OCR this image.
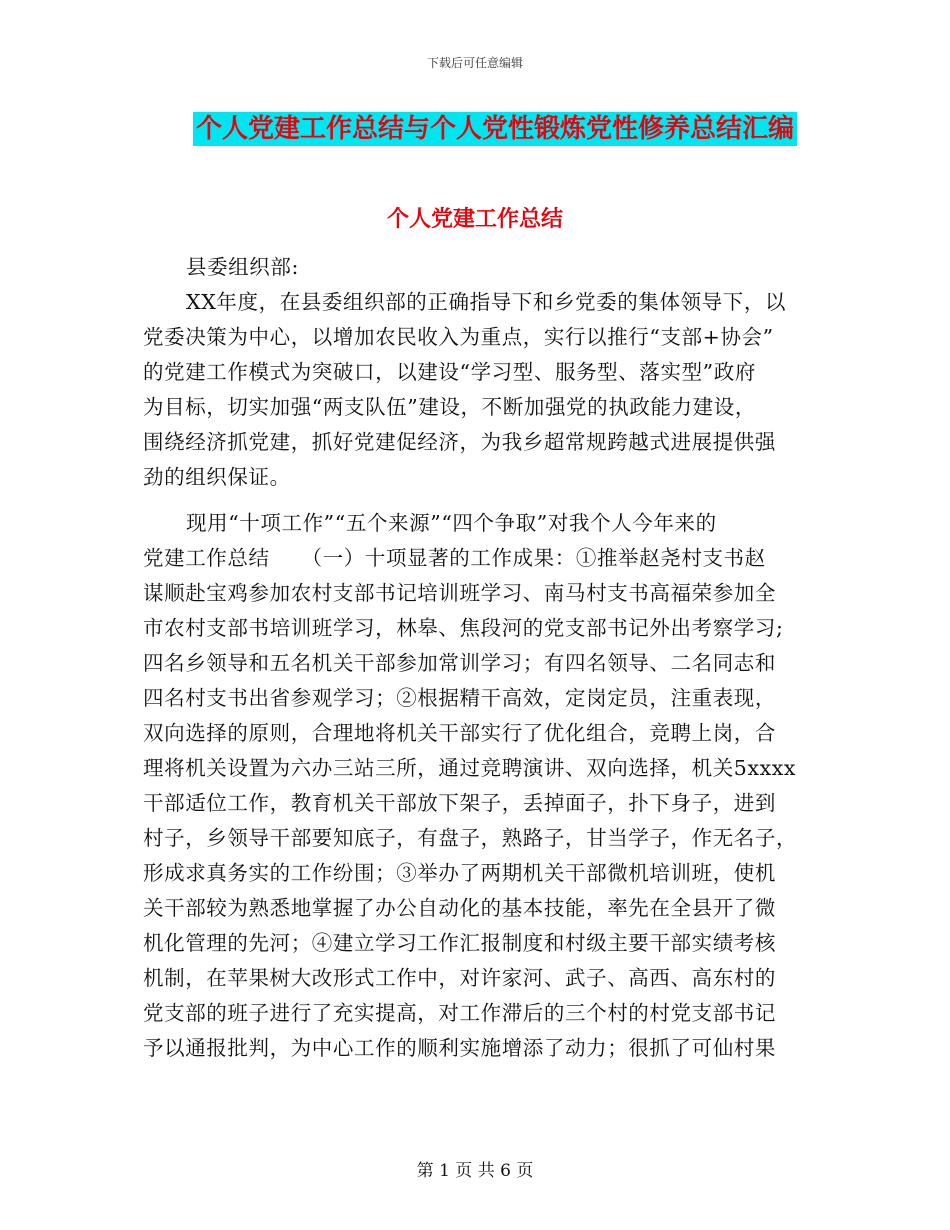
下载后可任意编辑
个人党建工作总结与个人党性锻炼党性修养总结汇编
个人党建工作总结
县委组织部:
XX年度，在县委组织部的正确指导下和乡党委的集体领导下，以
党委决策为中心，以增加农民收入为重点，实行以推行“支部+协会”
的党建工作模式为突破口，以建设“学习型、服务型、落实型”政府
为目标，切实加强“两支队伍”建设，不断加强党的执政能力建设，
围绕经济抓党建，抓好党建促经济，为我乡超常规跨越式进展提供强
劲的组织保证。
现用“十项工作”“五个来源”“四个争取”对我个人今年来的
党建工作总结　　（一）十项显著的工作成果：①推举赵尧村支书赵
谋顺赴宝鸡参加农村支部书记培训班学习、南马村支书高福荣参加全
市农村支部书培训班学习，林皋、焦段河的党支部书记外出考察学习;
四名乡领导和五名机关干部参加常训学习；有四名领导、二名同志和
四名村支书出省参观学习；②根据精干高效，定岗定员，注重表现，
双向选择的原则，合理地将机关干部实行了优化组合，竞聘上岗，合
理将机关设置为六办三站三所，通过竞聘演讲、双向选择，机关5xxxx
干部适位工作，教育机关干部放下架子，丢掉面子，扑下身子，进到
村子，乡领导干部要知底子，有盘子，熟路子，甘当学子，作无名子，
形成求真务实的工作纷围；③举办了两期机关干部微机培训班，使机
关干部较为熟悉地掌握了办公自动化的基本技能，率先在全县开了微
机化管理的先河；④建立学习工作汇报制度和村级主要干部实绩考核
机制，在苹果树大改形式工作中，对许家河、武子、高西、高东村的
党支部的班子进行了充实提高，对工作滞后的三个村的村党支部书记
予以通报批判，为中心工作的顺利实施增添了动力；很抓了可仙村果
第 1 页 共 6 页
